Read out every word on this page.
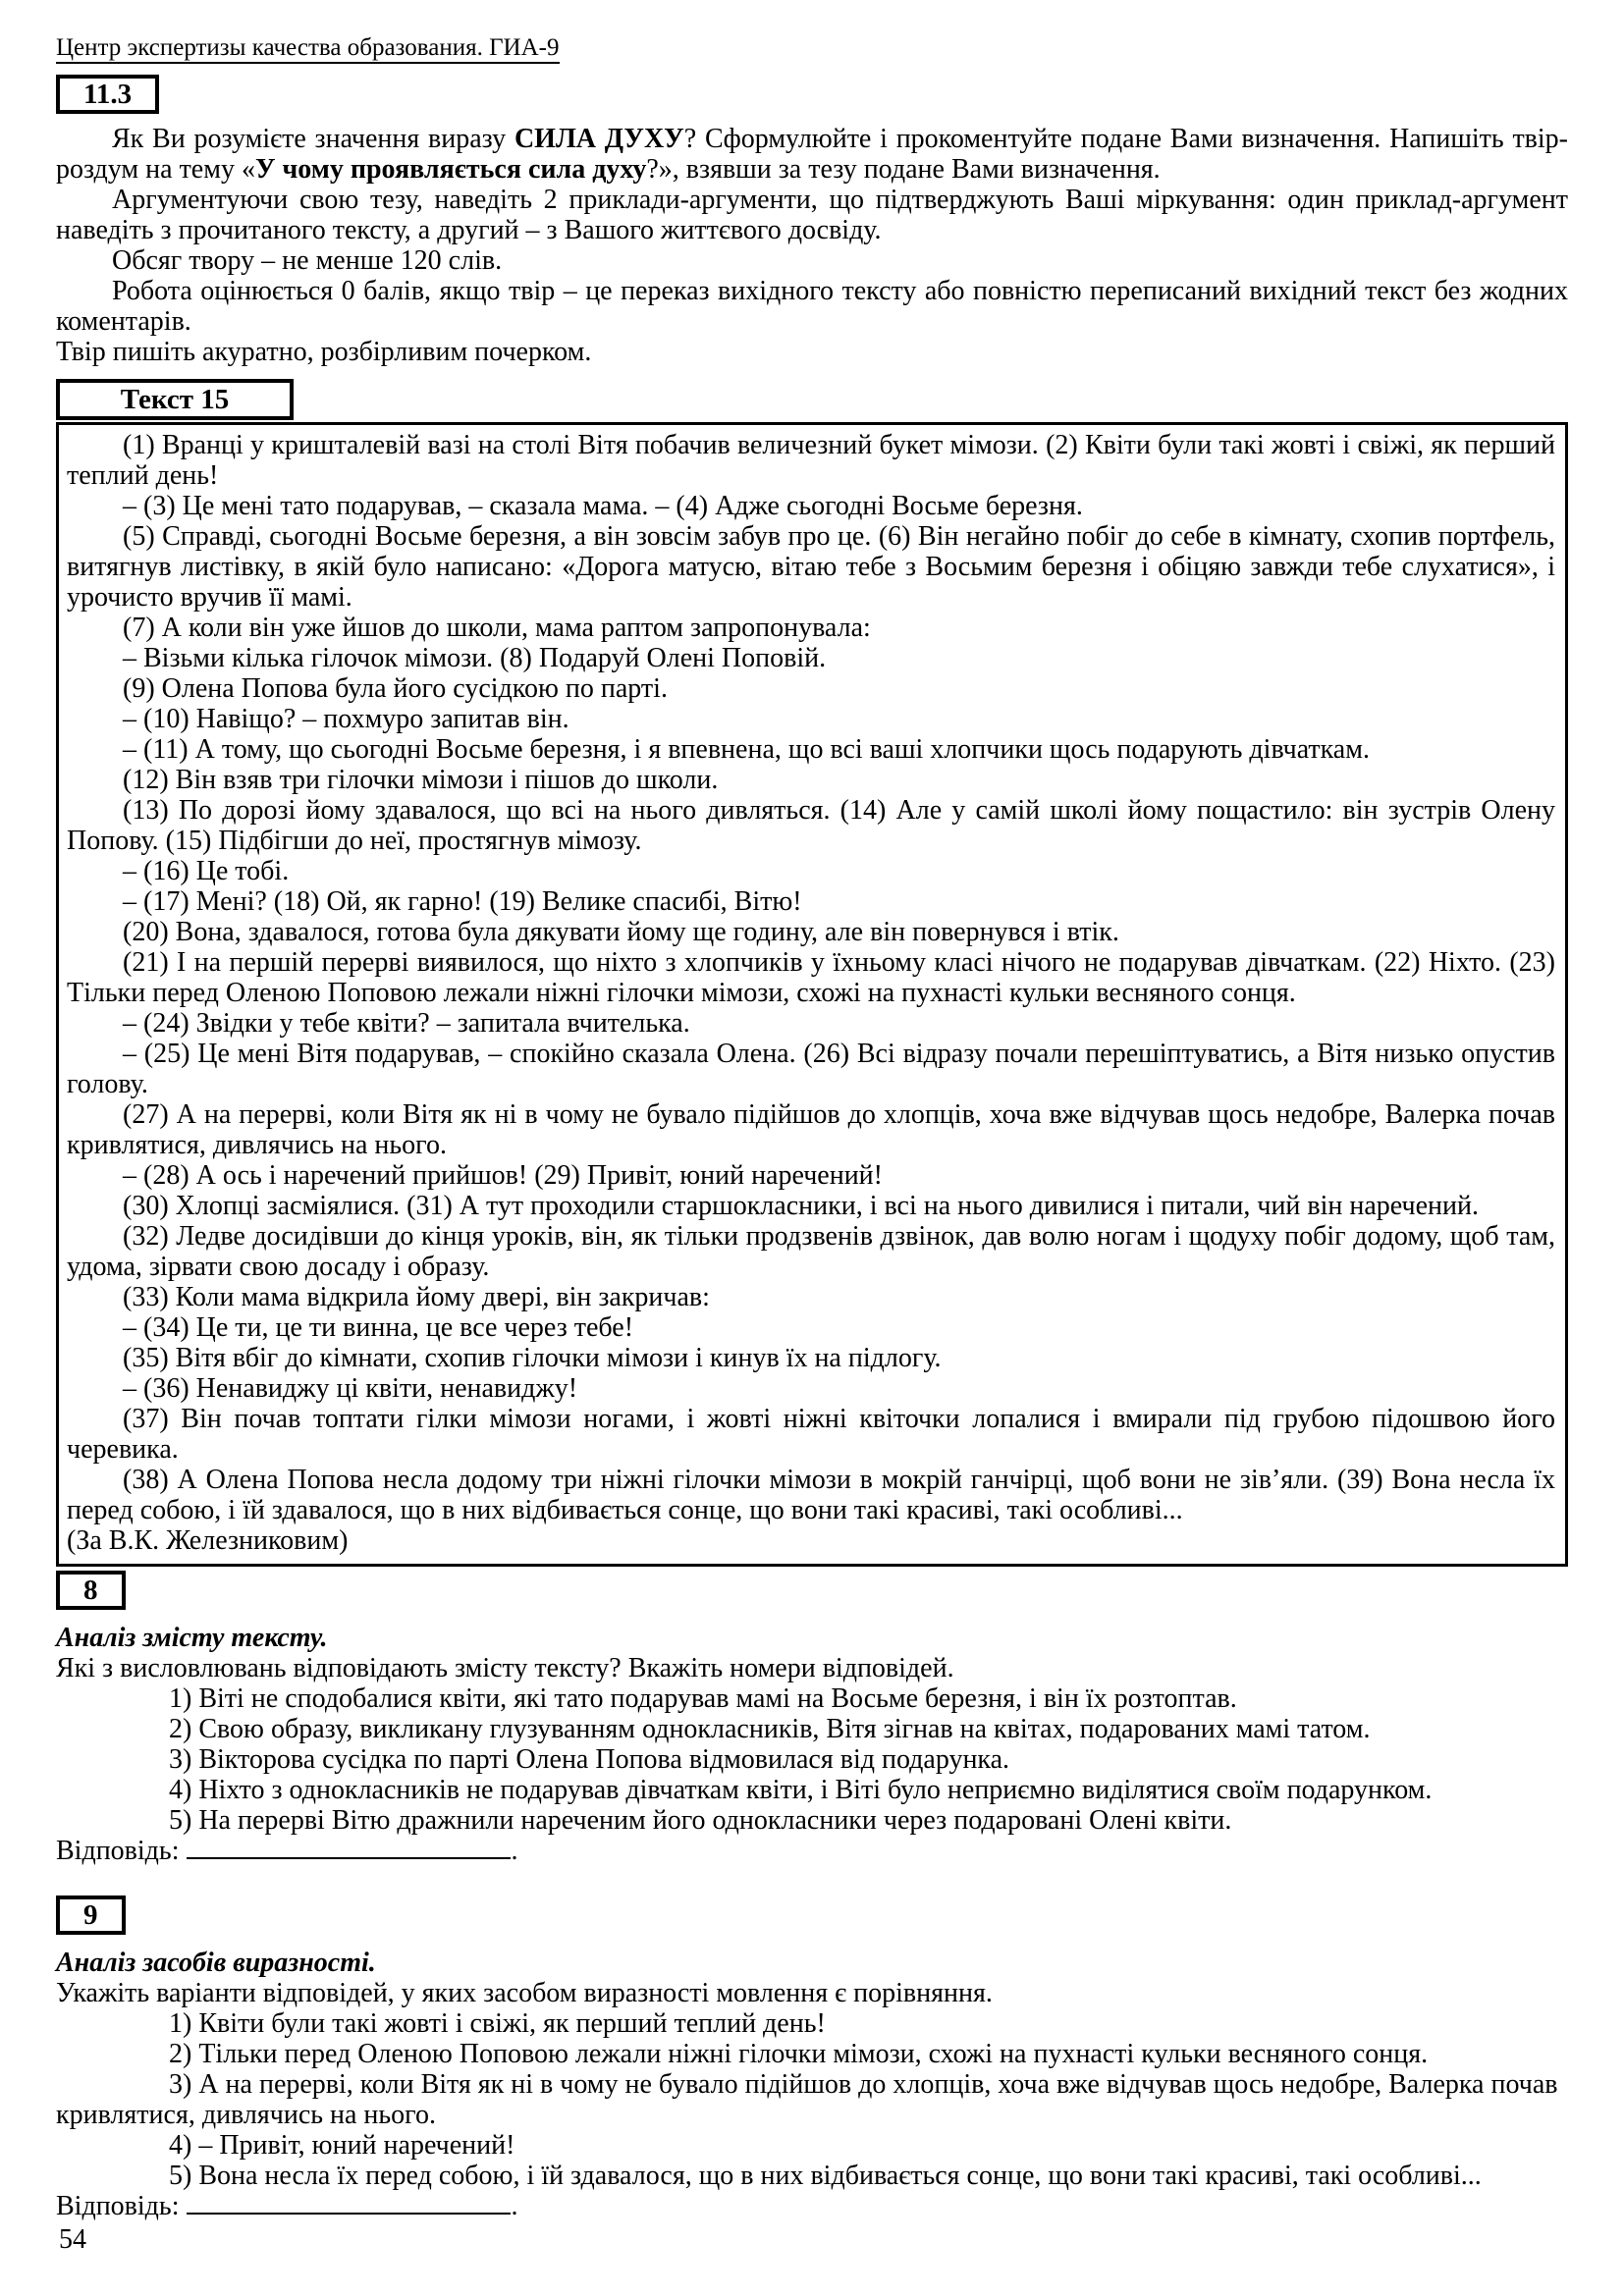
Центр экспертизы качества образования. ГИА-9
11.3

Як Ви розумієте значення виразу СИЛА ДУХУ? Сформулюйте і прокоментуйте подане Вами визначення. Напишіть твір-роздум на тему «У чому проявляється сила духу?», взявши за тезу подане Вами визначення.

Аргументуючи свою тезу, наведіть 2 приклади-аргументи, що підтверджують Ваші міркування: один приклад-аргумент наведіть з прочитаного тексту, а другий – з Вашого життєвого досвіду.

Обсяг твору – не менше 120 слів.

Робота оцінюється 0 балів, якщо твір – це переказ вихідного тексту або повністю переписаний вихідний текст без жодних коментарів.

Твір пишіть акуратно, розбірливим почерком.

Текст 15

(1) Вранці у кришталевій вазі на столі Вітя побачив величезний букет мімози. (2) Квіти були такі жовті і свіжі, як перший теплий день!

– (3) Це мені тато подарував, – сказала мама. – (4) Адже сьогодні Восьме березня.

(5) Справді, сьогодні Восьме березня, а він зовсім забув про це. (6) Він негайно побіг до себе в кімнату, схопив портфель, витягнув листівку, в якій було написано: «Дорога матусю, вітаю тебе з Восьмим березня і обіцяю завжди тебе слухатися», і урочисто вручив її мамі.

(7) А коли він уже йшов до школи, мама раптом запропонувала:

– Візьми кілька гілочок мімози. (8) Подаруй Олені Поповій.

(9) Олена Попова була його сусідкою по парті.

– (10) Навіщо? – похмуро запитав він.

– (11) А тому, що сьогодні Восьме березня, і я впевнена, що всі ваші хлопчики щось подарують дівчаткам.

(12) Він взяв три гілочки мімози і пішов до школи.

(13) По дорозі йому здавалося, що всі на нього дивляться. (14) Але у самій школі йому пощастило: він зустрів Олену Попову. (15) Підбігши до неї, простягнув мімозу.

– (16) Це тобі.

– (17) Мені? (18) Ой, як гарно! (19) Велике спасибі, Вітю!

(20) Вона, здавалося, готова була дякувати йому ще годину, але він повернувся і втік.

(21) І на першій перерві виявилося, що ніхто з хлопчиків у їхньому класі нічого не подарував дівчаткам. (22) Ніхто. (23) Тільки перед Оленою Поповою лежали ніжні гілочки мімози, схожі на пухнасті кульки весняного сонця.

– (24) Звідки у тебе квіти? – запитала вчителька.

– (25) Це мені Вітя подарував, – спокійно сказала Олена. (26) Всі відразу почали перешіптуватись, а Вітя низько опустив голову.

(27) А на перерві, коли Вітя як ні в чому не бувало підійшов до хлопців, хоча вже відчував щось недобре, Валерка почав кривлятися, дивлячись на нього.

– (28) А ось і наречений прийшов! (29) Привіт, юний наречений!

(30) Хлопці засміялися. (31) А тут проходили старшокласники, і всі на нього дивилися і питали, чий він наречений.

(32) Ледве досидівши до кінця уроків, він, як тільки продзвенів дзвінок, дав волю ногам і щодуху побіг додому, щоб там, удома, зірвати свою досаду і образу.

(33) Коли мама відкрила йому двері, він закричав:

– (34) Це ти, це ти винна, це все через тебе!

(35) Вітя вбіг до кімнати, схопив гілочки мімози і кинув їх на підлогу.

– (36) Ненавиджу ці квіти, ненавиджу!

(37) Він почав топтати гілки мімози ногами, і жовті ніжні квіточки лопалися і вмирали під грубою підошвою його черевика.

(38) А Олена Попова несла додому три ніжні гілочки мімози в мокрій ганчірці, щоб вони не зів’яли. (39) Вона несла їх перед собою, і їй здавалося, що в них відбивається сонце, що вони такі красиві, такі особливі...

(За В.К. Железниковим)

8

Аналіз змісту тексту.

Які з висловлювань відповідають змісту тексту? Вкажіть номери відповідей.

1) Віті не сподобалися квіти, які тато подарував мамі на Восьме березня, і він їх розтоптав.

2) Свою образу, викликану глузуванням однокласників, Вітя зігнав на квітах, подарованих мамі татом.

3) Вікторова сусідка по парті Олена Попова відмовилася від подарунка.

4) Ніхто з однокласників не подарував дівчаткам квіти, і Віті було неприємно виділятися своїм подарунком.

5) На перерві Вітю дражнили нареченим його однокласники через подаровані Олені квіти.

Відповідь:	.

9

Аналіз засобів виразності.

Укажіть варіанти відповідей, у яких засобом виразності мовлення є порівняння.

1) Квіти були такі жовті і свіжі, як перший теплий день!

2) Тільки перед Оленою Поповою лежали ніжні гілочки мімози, схожі на пухнасті кульки весняного сонця.

3) А на перерві, коли Вітя як ні в чому не бувало підійшов до хлопців, хоча вже відчував щось недобре, Валерка почав кривлятися, дивлячись на нього.

4) – Привіт, юний наречений!

5) Вона несла їх перед собою, і їй здавалося, що в них відбивається сонце, що вони такі красиві, такі особливі...

Відповідь:	.

54
